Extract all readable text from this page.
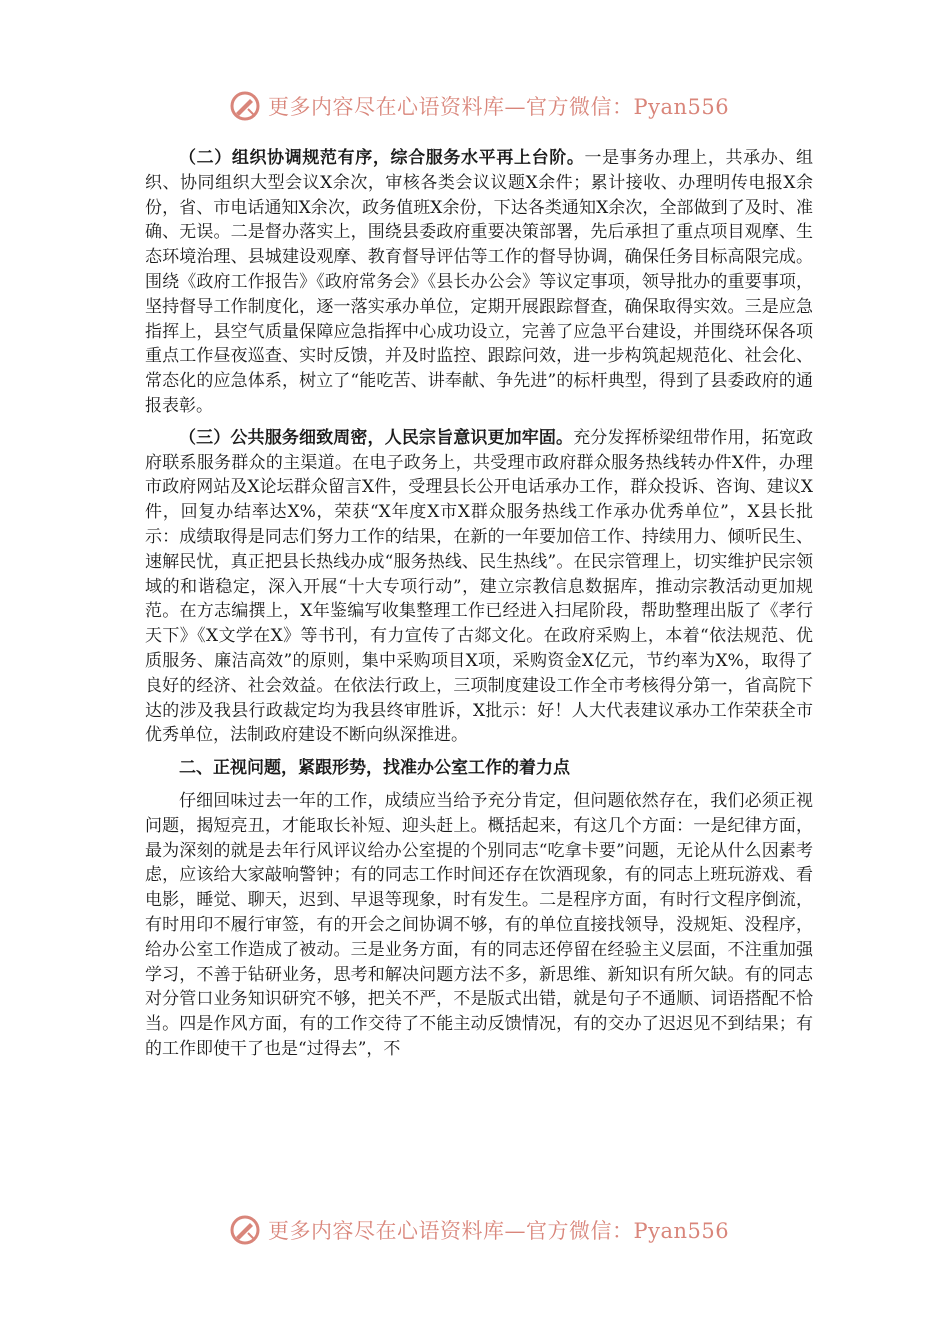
更多内容尽在心语资料库—官方微信：Pyan556

（二）组织协调规范有序，综合服务水平再上台阶。一是事务办理上，共承办、组织、协同组织大型会议X余次，审核各类会议议题X余件；累计接收、办理明传电报X余份，省、市电话通知X余次，政务值班X余份，下达各类通知X余次，全部做到了及时、准确、无误。二是督办落实上，围绕县委政府重要决策部署，先后承担了重点项目观摩、生态环境治理、县城建设观摩、教育督导评估等工作的督导协调，确保任务目标高限完成。围绕《政府工作报告》《政府常务会》《县长办公会》等议定事项，领导批办的重要事项，坚持督导工作制度化，逐一落实承办单位，定期开展跟踪督查，确保取得实效。三是应急指挥上，县空气质量保障应急指挥中心成功设立，完善了应急平台建设，并围绕环保各项重点工作昼夜巡查、实时反馈，并及时监控、跟踪问效，进一步构筑起规范化、社会化、常态化的应急体系，树立了“能吃苦、讲奉献、争先进”的标杆典型，得到了县委政府的通报表彰。

（三）公共服务细致周密，人民宗旨意识更加牢固。充分发挥桥梁纽带作用，拓宽政府联系服务群众的主渠道。在电子政务上，共受理市政府群众服务热线转办件X件，办理市政府网站及X论坛群众留言X件，受理县长公开电话承办工作，群众投诉、咨询、建议X件，回复办结率达X%，荣获“X年度X市X群众服务热线工作承办优秀单位”，X县长批示：成绩取得是同志们努力工作的结果，在新的一年要加倍工作、持续用力、倾听民生、速解民忧，真正把县长热线办成“服务热线、民生热线”。在民宗管理上，切实维护民宗领域的和谐稳定，深入开展“十大专项行动”，建立宗教信息数据库，推动宗教活动更加规范。在方志编撰上，X年鉴编写收集整理工作已经进入扫尾阶段，帮助整理出版了《孝行天下》《X文学在X》等书刊，有力宣传了古郯文化。在政府采购上，本着“依法规范、优质服务、廉洁高效”的原则，集中采购项目X项，采购资金X亿元，节约率为X%，取得了良好的经济、社会效益。在依法行政上，三项制度建设工作全市考核得分第一，省高院下达的涉及我县行政裁定均为我县终审胜诉，X批示：好！人大代表建议承办工作荣获全市优秀单位，法制政府建设不断向纵深推进。

二、正视问题，紧跟形势，找准办公室工作的着力点

仔细回味过去一年的工作，成绩应当给予充分肯定，但问题依然存在，我们必须正视问题，揭短亮丑，才能取长补短、迎头赶上。概括起来，有这几个方面：一是纪律方面，最为深刻的就是去年行风评议给办公室提的个别同志“吃拿卡要”问题，无论从什么因素考虑，应该给大家敲响警钟；有的同志工作时间还存在饮酒现象，有的同志上班玩游戏、看电影，睡觉、聊天，迟到、早退等现象，时有发生。二是程序方面，有时行文程序倒流，有时用印不履行审签，有的开会之间协调不够，有的单位直接找领导，没规矩、没程序，给办公室工作造成了被动。三是业务方面，有的同志还停留在经验主义层面，不注重加强学习，不善于钻研业务，思考和解决问题方法不多，新思维、新知识有所欠缺。有的同志对分管口业务知识研究不够，把关不严，不是版式出错，就是句子不通顺、词语搭配不恰当。四是作风方面，有的工作交待了不能主动反馈情况，有的交办了迟迟见不到结果；有的工作即使干了也是“过得去”，不

更多内容尽在心语资料库—官方微信：Pyan556
